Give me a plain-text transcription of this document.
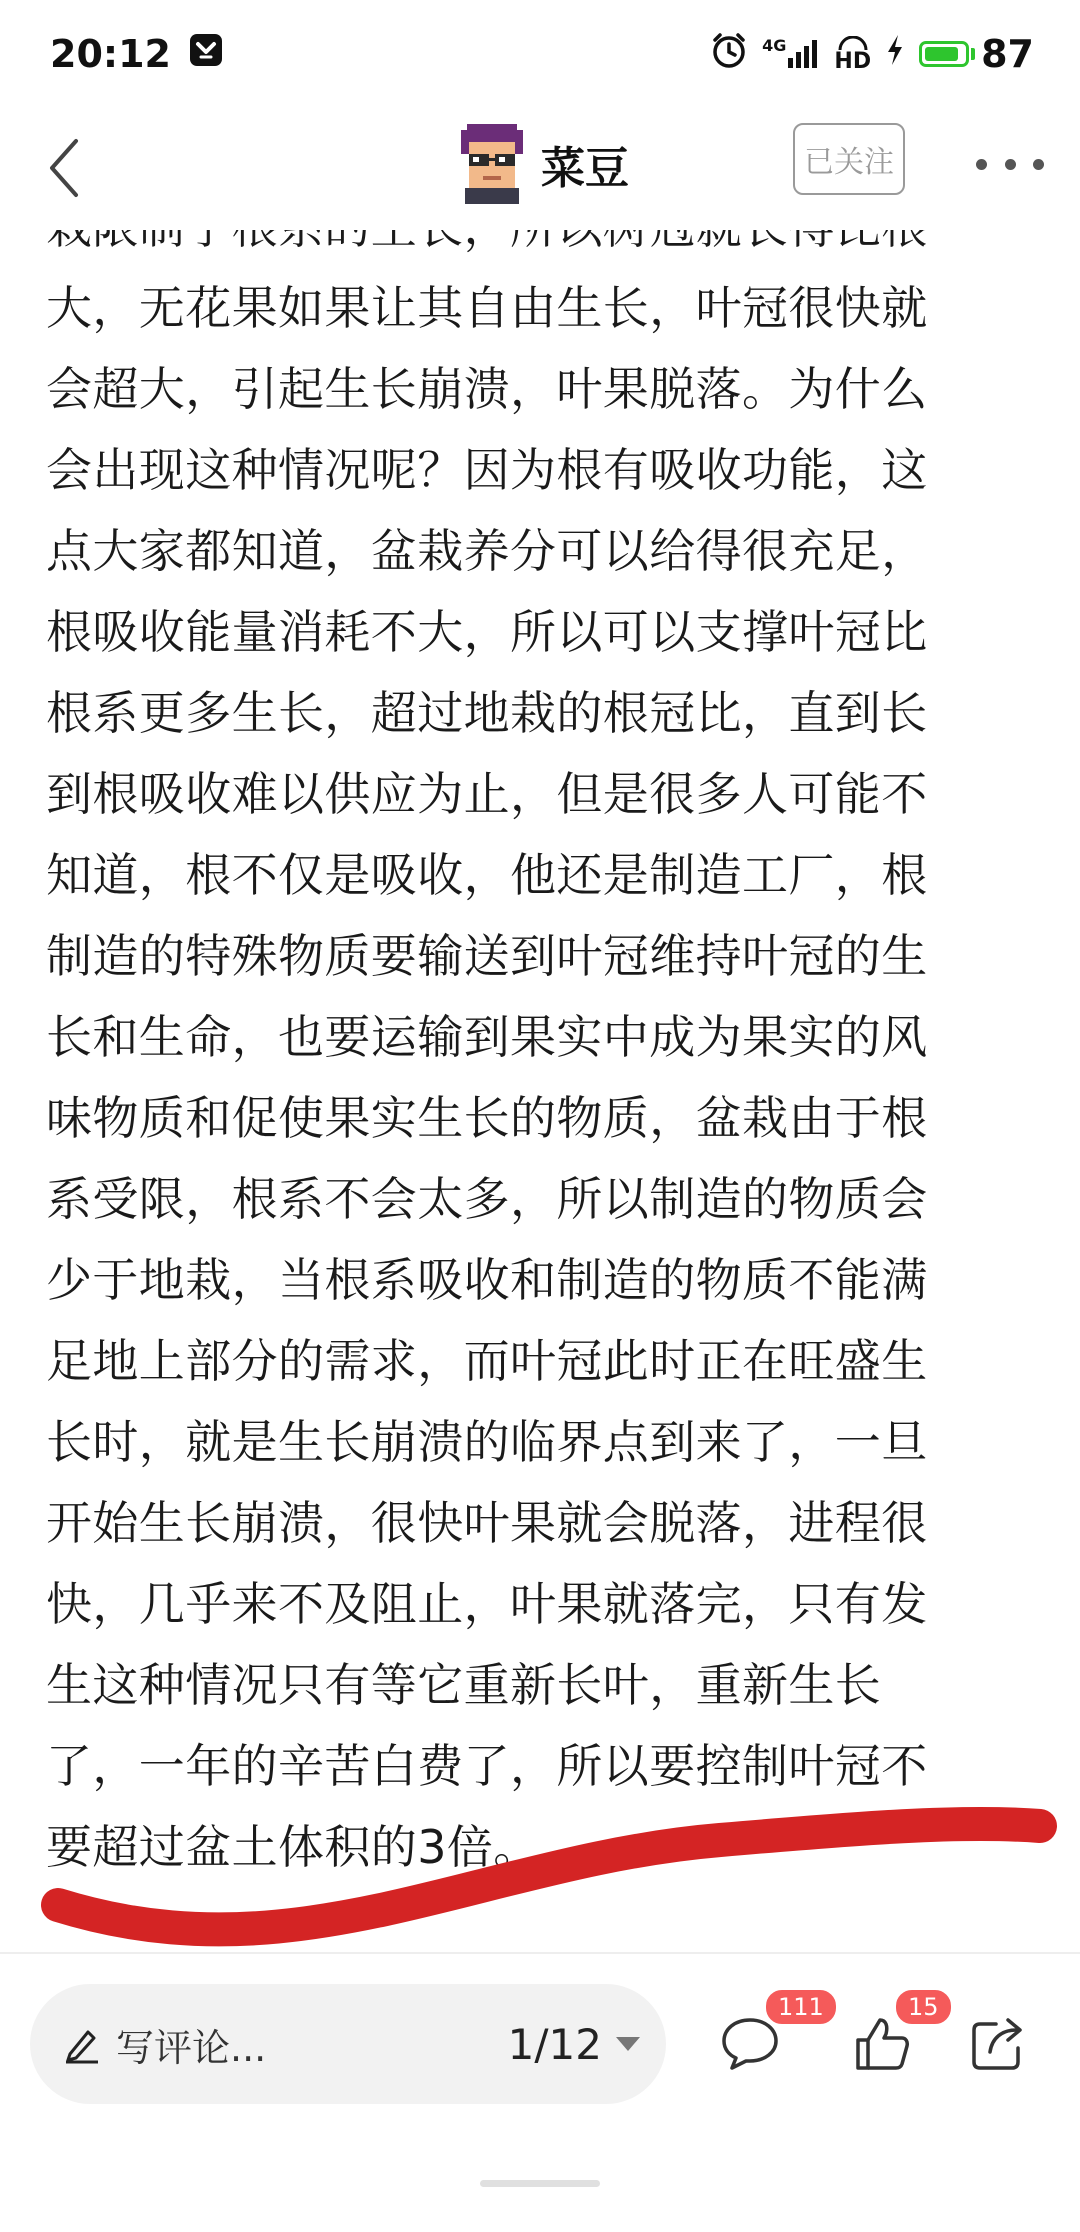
20:12	4G
HD	87
菜豆	已关注
大，无花果如果让其自由生长，叶冠很快就
会超大，引起生长崩溃，叶果脱落。为什么
会出现这种情况呢？因为根有吸收功能，这
点大家都知道，盆栽养分可以给得很充足，
根吸收能量消耗不大，所以可以支撑叶冠比
根系更多生长，超过地栽的根冠比，直到长
到根吸收难以供应为止，但是很多人可能不
知道，根不仅是吸收，他还是制造工厂，根
制造的特殊物质要输送到叶冠维持叶冠的生
长和生命，也要运输到果实中成为果实的风
味物质和促使果实生长的物质，盆栽由于根
系受限，根系不会太多，所以制造的物质会
少于地栽，当根系吸收和制造的物质不能满
足地上部分的需求，而叶冠此时正在旺盛生
长时，就是生长崩溃的临界点到来了，一旦
开始生长崩溃，很快叶果就会脱落，进程很
快，几乎来不及阻止，叶果就落完，只有发
生这种情况只有等它重新长叶，重新生长
了，一年的辛苦白费了，所以要控制叶冠不
要超过盆土体积的3倍。
写评论...	1/12
111	15
